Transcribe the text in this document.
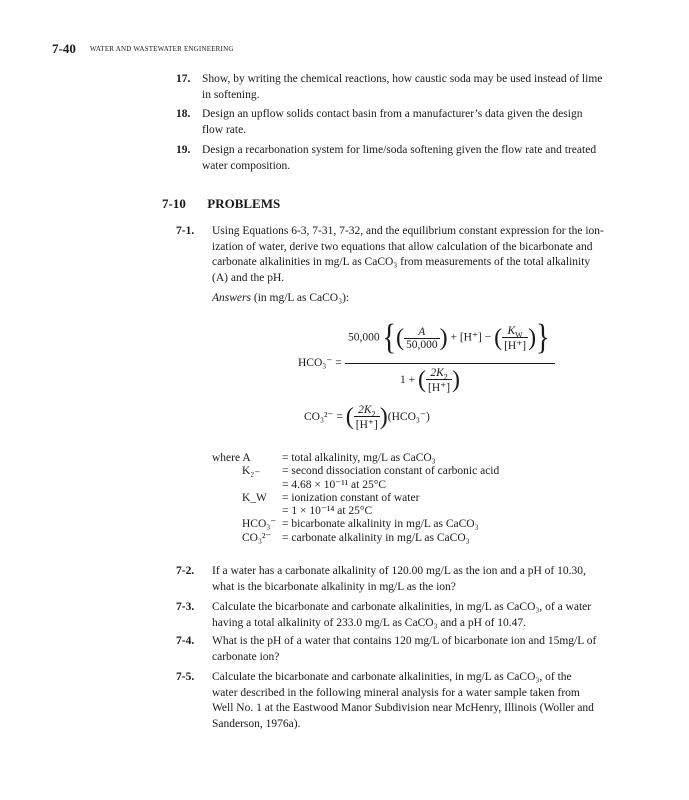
7-40 WATER AND WASTEWATER ENGINEERING
17. Show, by writing the chemical reactions, how caustic soda may be used instead of lime
in softening.
18. Design an upflow solids contact basin from a manufacturer’s data given the design
flow rate.
19. Design a recarbonation system for lime/soda softening given the flow rate and treated
water composition.
7-10 PROBLEMS
7-1. Using Equations 6-3, 7-31, 7-32, and the equilibrium constant expression for the ion-
ization of water, derive two equations that allow calculation of the bicarbonate and
carbonate alkalinities in mg/L as CaCO₃ from measurements of the total alkalinity
(A) and the pH.
Answers (in mg/L as CaCO₃):
HCO₃⁻ =
50,000 {( $\frac{A}{50,000}$ ) + [H⁺] − ( $\frac{K_W}{[H^+]}$ )}
1 + ( $\frac{2K_2}{[H^+]}$ )
CO₃²⁻ = ( $\frac{2K_2}{[H^+]} )(HCO_3^-)$
where A	= total alkalinity, mg/L as CaCO₃
K₂₋ = second dissociation constant of carbonic acid
= 4.68 × 10⁻¹¹ at 25°C
K_W = ionization constant of water
= 1 × 10⁻¹⁴ at 25°C
HCO₃⁻ = bicarbonate alkalinity in mg/L as CaCO₃
CO₃²⁻ = carbonate alkalinity in mg/L as CaCO₃
7-2. If a water has a carbonate alkalinity of 120.00 mg/L as the ion and a pH of 10.30,
what is the bicarbonate alkalinity in mg/L as the ion?
7-3. Calculate the bicarbonate and carbonate alkalinities, in mg/L as CaCO₃, of a water
having a total alkalinity of 233.0 mg/L as CaCO₃ and a pH of 10.47.
7-4. What is the pH of a water that contains 120 mg/L of bicarbonate ion and 15mg/L of
carbonate ion?
7-5. Calculate the bicarbonate and carbonate alkalinities, in mg/L as CaCO₃, of the
water described in the following mineral analysis for a water sample taken from
Well No. 1 at the Eastwood Manor Subdivision near McHenry, Illinois (Woller and
Sanderson, 1976a).
